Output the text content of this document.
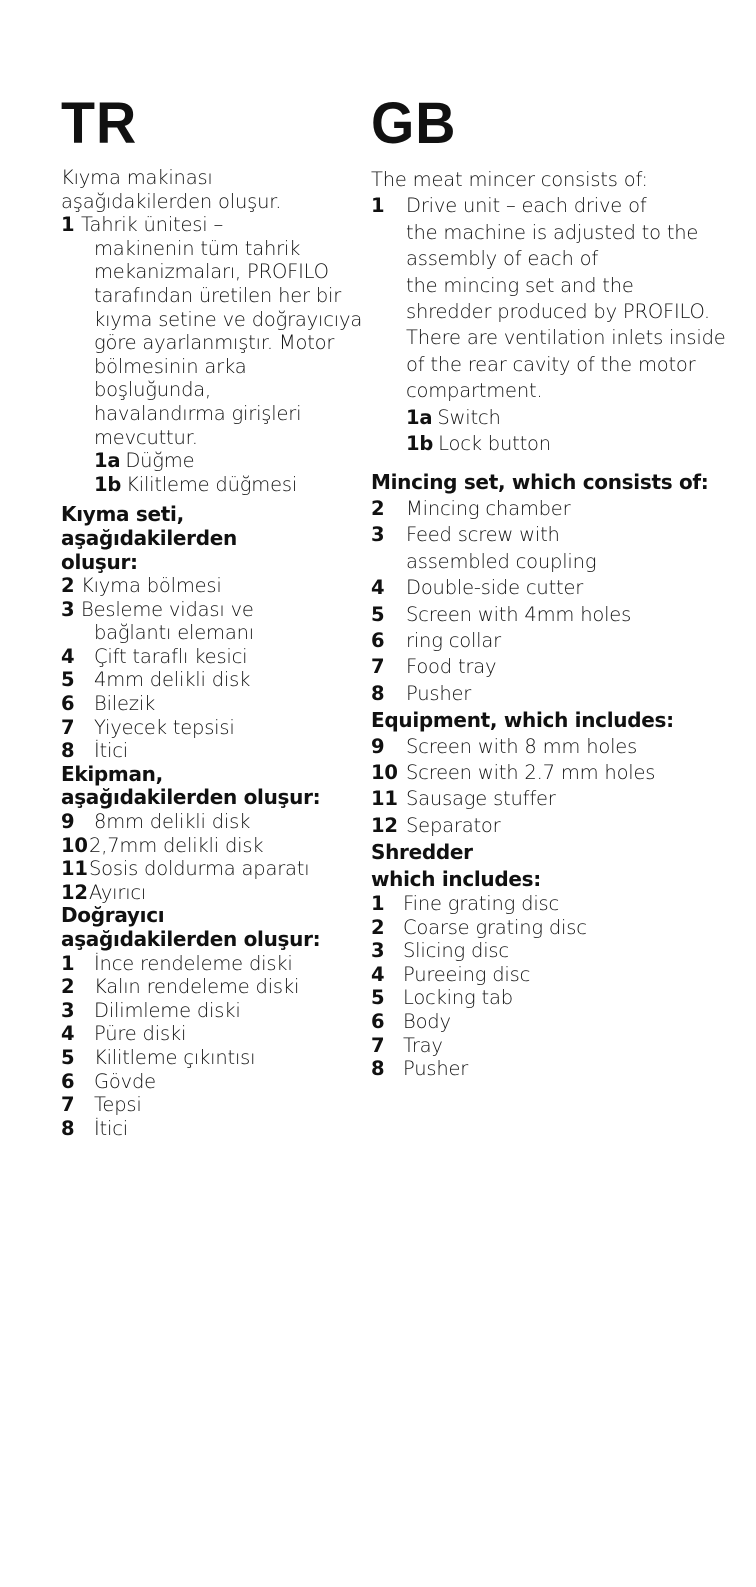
TR
Kıyma makinası aşağıdakilerden oluşur.
1 Tahrik ünitesi –
makinenin tüm tahrik
mekanizmaları, PROFILO
tarafından üretilen her bir
kıyma setine ve doğrayıcıya
göre ayarlanmıştır. Motor
bölmesinin arka boşluğunda,
havalandırma girişleri
mevcuttur.
1a Düğme
1b Kilitleme düğmesi
Kıyma seti, aşağıdakilerden
oluşur:
2 Kıyma bölmesi
3 Besleme vidası ve
bağlantı elemanı
4	Çift taraflı kesici
5	4mm delikli disk
6	Bilezik
7	Yiyecek tepsisi
8	İtici
Ekipman,
aşağıdakilerden oluşur:
9	8mm delikli disk
10 2,7mm delikli disk
11 Sosis doldurma aparatı
12 Ayırıcı
Doğrayıcı
aşağıdakilerden oluşur:
1	İnce rendeleme diski
2	Kalın rendeleme diski
3	Dilimleme diski
4	Püre diski
5	Kilitleme çıkıntısı
6	Gövde
7	Tepsi
8	İtici
GB
The meat mincer consists of:
1	Drive unit – each drive of
the machine is adjusted to the
assembly of each of
the mincing set and the
shredder produced by PROFILO.
There are ventilation inlets inside
of the rear cavity of the motor
compartment.
1a Switch
1b Lock button
Mincing set, which consists of:
2	Mincing chamber
3	Feed screw with
assembled coupling
4	Double-side cutter
5	Screen with 4mm holes
6	ring collar
7	Food tray
8	Pusher
Equipment, which includes:
9	Screen with 8 mm holes
10 Screen with 2.7 mm holes
11 Sausage stuffer
12 Separator
Shredder
which includes:
1 Fine grating disc
2 Coarse grating disc
3 Slicing disc
4 Pureeing disc
5 Locking tab
6 Body
7 Tray
8 Pusher
